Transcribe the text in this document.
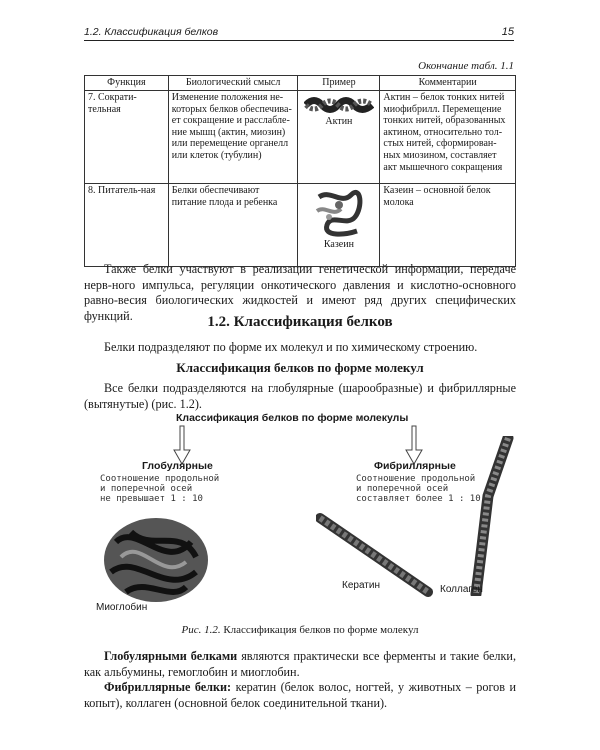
1.2. Классификация белков	15
Окончание табл. 1.1
Функция	Биологический смысл	Пример	Комментарии
7. Сократи-тельная	Изменение положения не-которых белков обеспечива-ет сокращение и расслабле-ние мышц (актин, миозин) или перемещение органелл или клеток (тубулин)	Актин	Актин – белок тонких нитей миофибрилл. Перемещение тонких нитей, образованных актином, относительно тол-стых нитей, сформирован-ных миозином, составляет акт мышечного сокращения
8. Питатель-ная	Белки обеспечивают питание плода и ребенка	Казеин	Казеин – основной белок молока

Также белки участвуют в реализации генетической информации, передаче нерв-ного импульса, регуляции онкотического давления и кислотно-основного равно-весия биологических жидкостей и имеют ряд других специфических функций.	1.2. Классификация белков

Белки подразделяют по форме их молекул и по химическому строению.

Классификация белков по форме молекул

Все белки подразделяются на глобулярные (шарообразные) и фибриллярные (вытянутые) (рис. 1.2).

Классификация белков по форме молекулы
Глобулярные
Соотношение продольной
и поперечной осей
не превышает 1 : 10
Фибриллярные
Соотношение продольной
и поперечной осей
составляет более 1 : 10
Миоглобин
Кератин	Коллаген

Рис. 1.2. Классификация белков по форме молекул

Глобулярными белками являются практически все ферменты и такие белки, как альбумины, гемоглобин и миоглобин.

Фибриллярные белки: кератин (белок волос, ногтей, у животных – рогов и копыт), коллаген (основной белок соединительной ткани).
